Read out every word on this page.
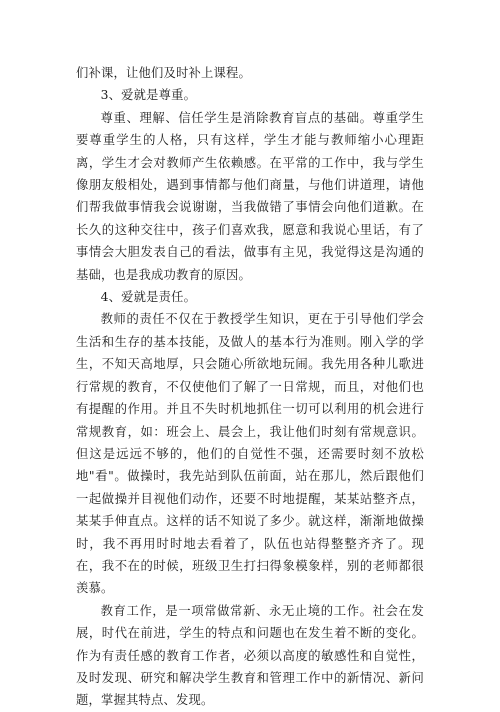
们补课，让他们及时补上课程。

3、爱就是尊重。

尊重、理解、信任学生是消除教育盲点的基础。尊重学生要尊重学生的人格，只有这样，学生才能与教师缩小心理距离，学生才会对教师产生依赖感。在平常的工作中，我与学生像朋友般相处，遇到事情都与他们商量，与他们讲道理，请他们帮我做事情我会说谢谢，当我做错了事情会向他们道歉。在长久的这种交往中，孩子们喜欢我，愿意和我说心里话，有了事情会大胆发表自己的看法，做事有主见，我觉得这是沟通的基础，也是我成功教育的原因。

4、爱就是责任。

教师的责任不仅在于教授学生知识，更在于引导他们学会生活和生存的基本技能，及做人的基本行为准则。刚入学的学生，不知天高地厚，只会随心所欲地玩闹。我先用各种儿歌进行常规的教育，不仅使他们了解了一日常规，而且，对他们也有提醒的作用。并且不失时机地抓住一切可以利用的机会进行常规教育，如：班会上、晨会上，我让他们时刻有常规意识。但这是远远不够的，他们的自觉性不强，还需要时刻不放松地"看"。做操时，我先站到队伍前面，站在那儿，然后跟他们一起做操并目视他们动作，还要不时地提醒，某某站整齐点，某某手伸直点。这样的话不知说了多少。就这样，渐渐地做操时，我不再用时时地去看着了，队伍也站得整整齐齐了。现在，我不在的时候，班级卫生打扫得象模象样，别的老师都很羡慕。

教育工作，是一项常做常新、永无止境的工作。社会在发展，时代在前进，学生的特点和问题也在发生着不断的变化。作为有责任感的教育工作者，必须以高度的敏感性和自觉性，及时发现、研究和解决学生教育和管理工作中的新情况、新问题，掌握其特点、发现。
